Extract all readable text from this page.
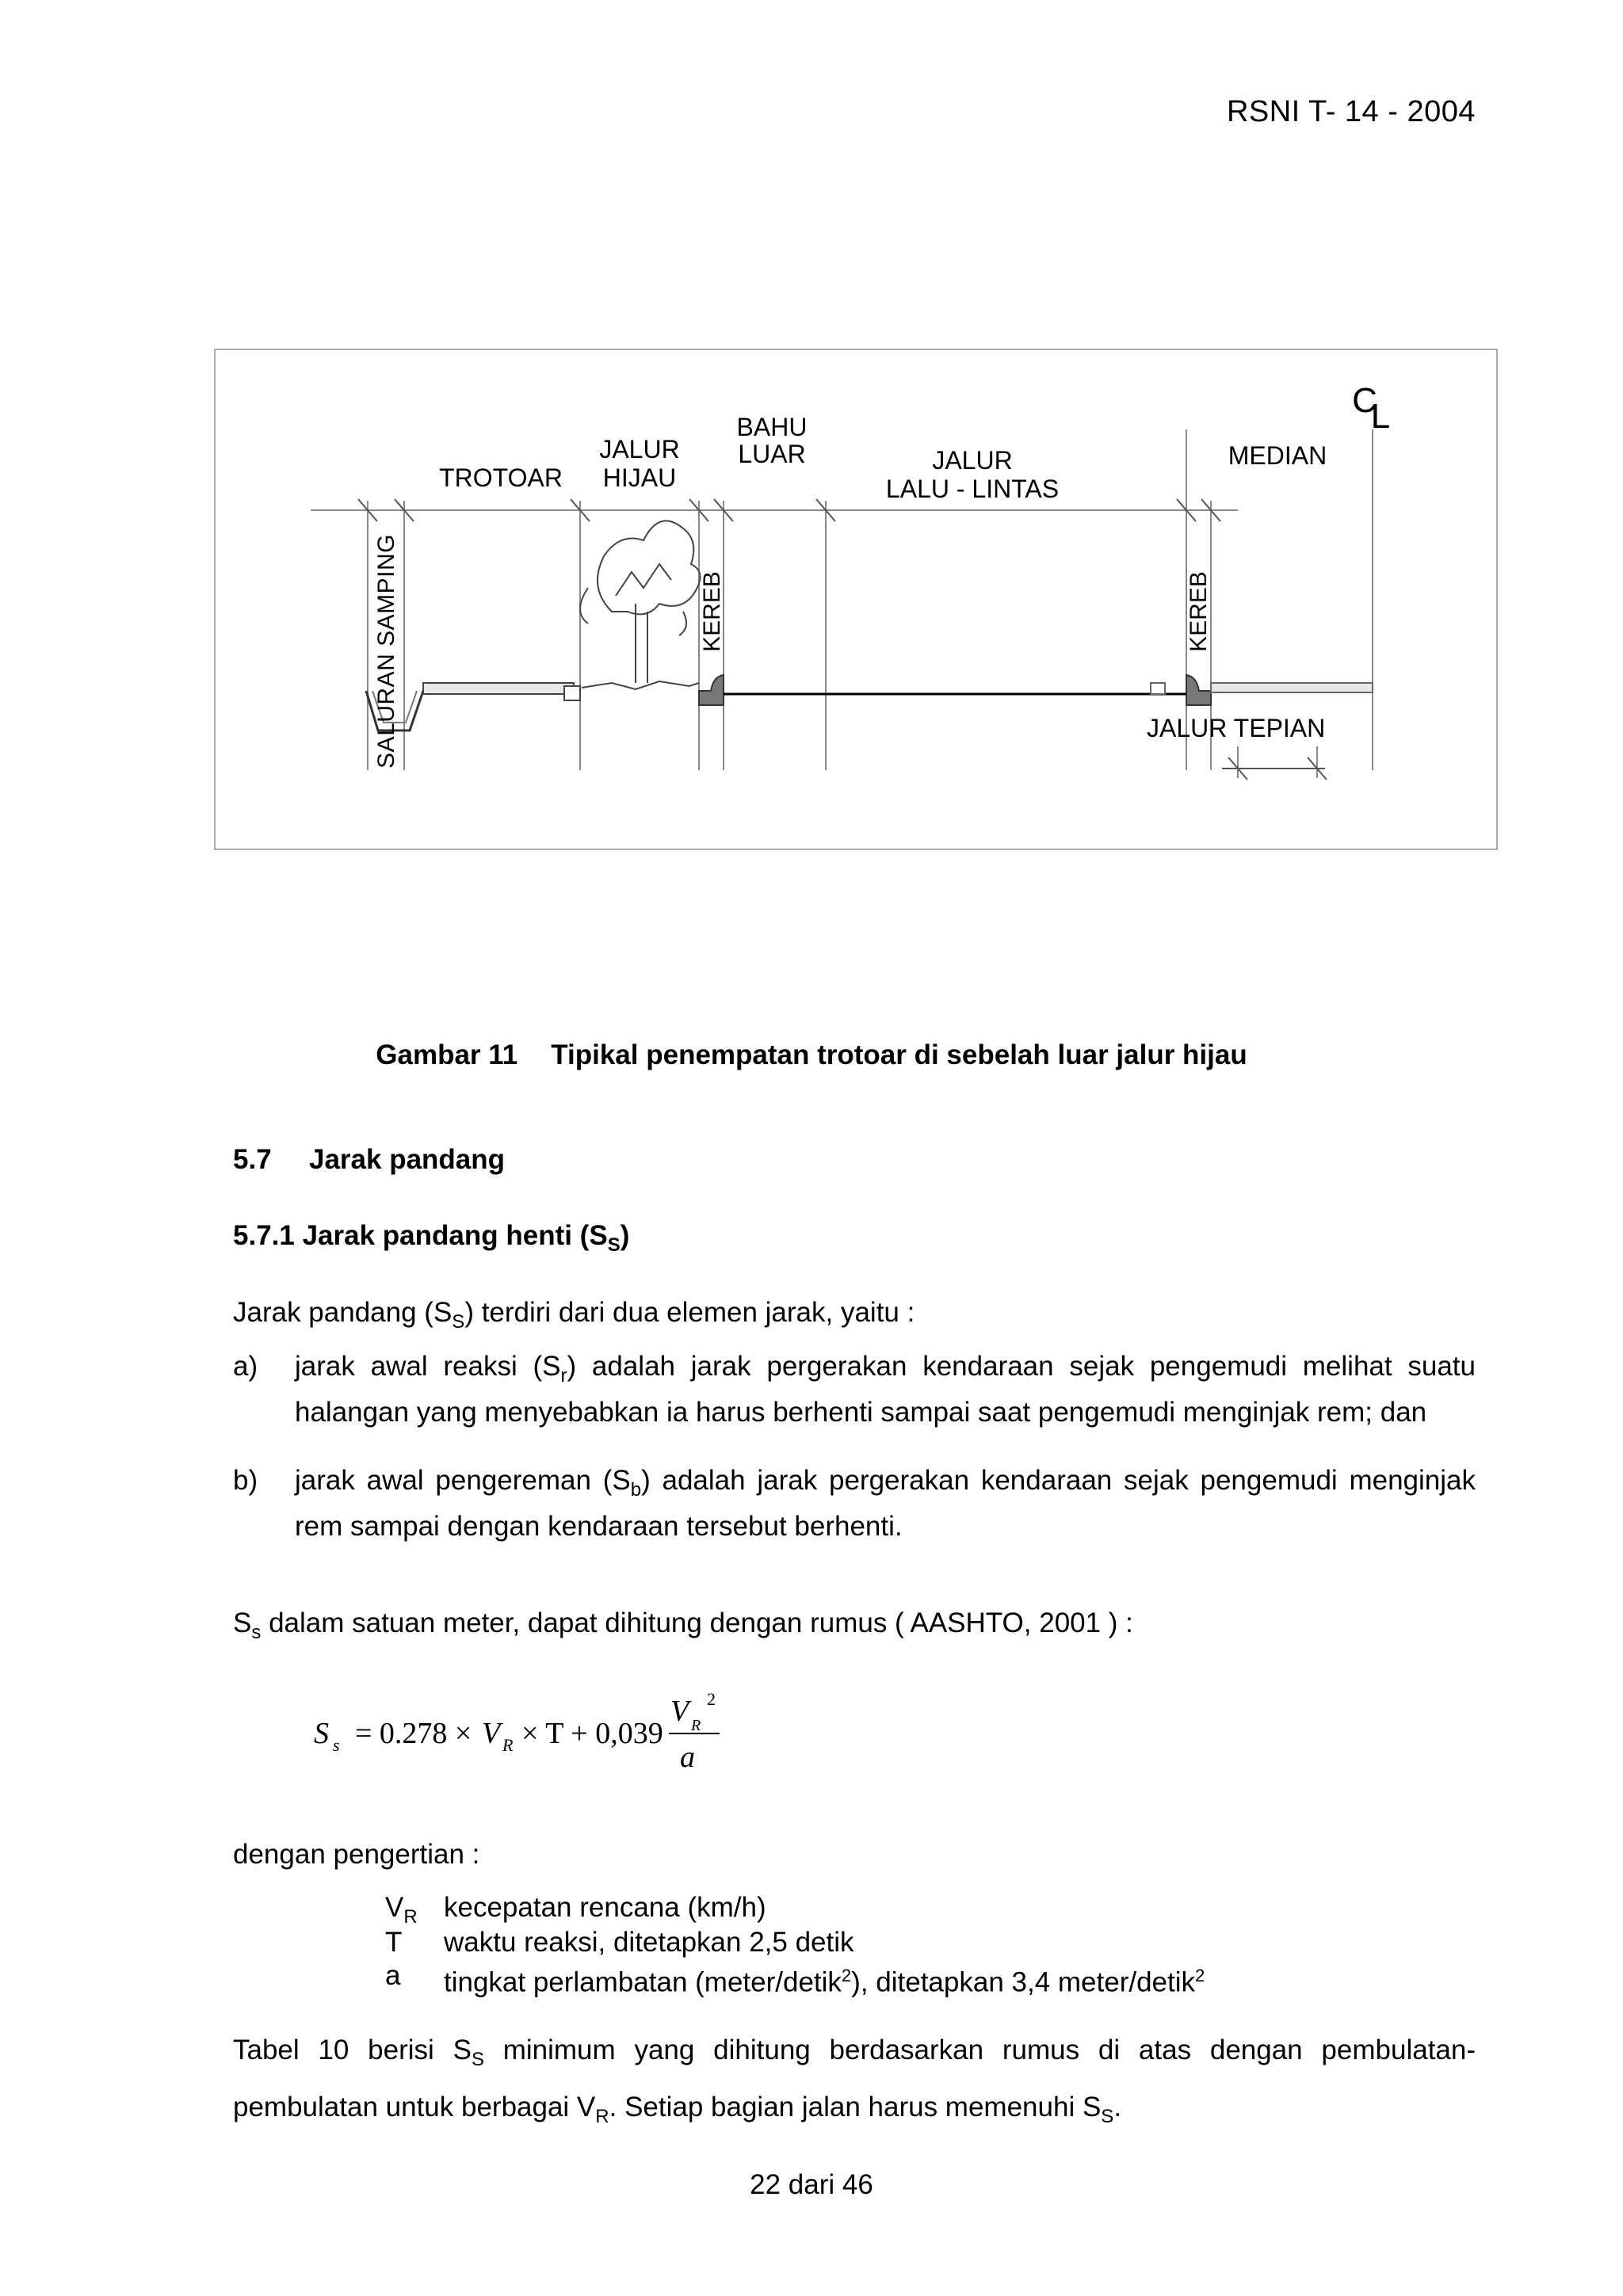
RSNI T- 14 - 2004
SALURAN SAMPING
TROTOAR
JALUR
HIJAU
BAHU
LUAR	JALUR
LALU - LINTAS
MEDIAN
KEREB	KEREB
JALUR TEPIAN
C
L
Gambar 11 Tipikal penempatan trotoar di sebelah luar jalur hijau
5.7 Jarak pandang
5.7.1 Jarak pandang henti $(S_S)$
Jarak pandang $(S_S)$ terdiri dari dua elemen jarak, yaitu :
a) jarak awal reaksi $(S_r)$ adalah jarak pergerakan kendaraan sejak pengemudi melihat suatu halangan yang menyebabkan ia harus berhenti sampai saat pengemudi menginjak rem; dan
b) jarak awal pengereman $(S_b)$ adalah jarak pergerakan kendaraan sejak pengemudi menginjak rem sampai dengan kendaraan tersebut berhenti.
$S_s$ dalam satuan meter, dapat dihitung dengan rumus ( AASHTO, 2001 ) :
S s = 0.278 × V R × T + 0,039
V R
2
a
dengan pengertian :
$V_R$ kecepatan rencana (km/h)
T waktu reaksi, ditetapkan 2,5 detik
a tingkat perlambatan (meter/detik$^2$), ditetapkan 3,4 meter/detik$^2$
Tabel 10 berisi $S_S$ minimum yang dihitung berdasarkan rumus di atas dengan pembulatan-pembulatan untuk berbagai $V_R$. Setiap bagian jalan harus memenuhi $S_S$.
22 dari 46
